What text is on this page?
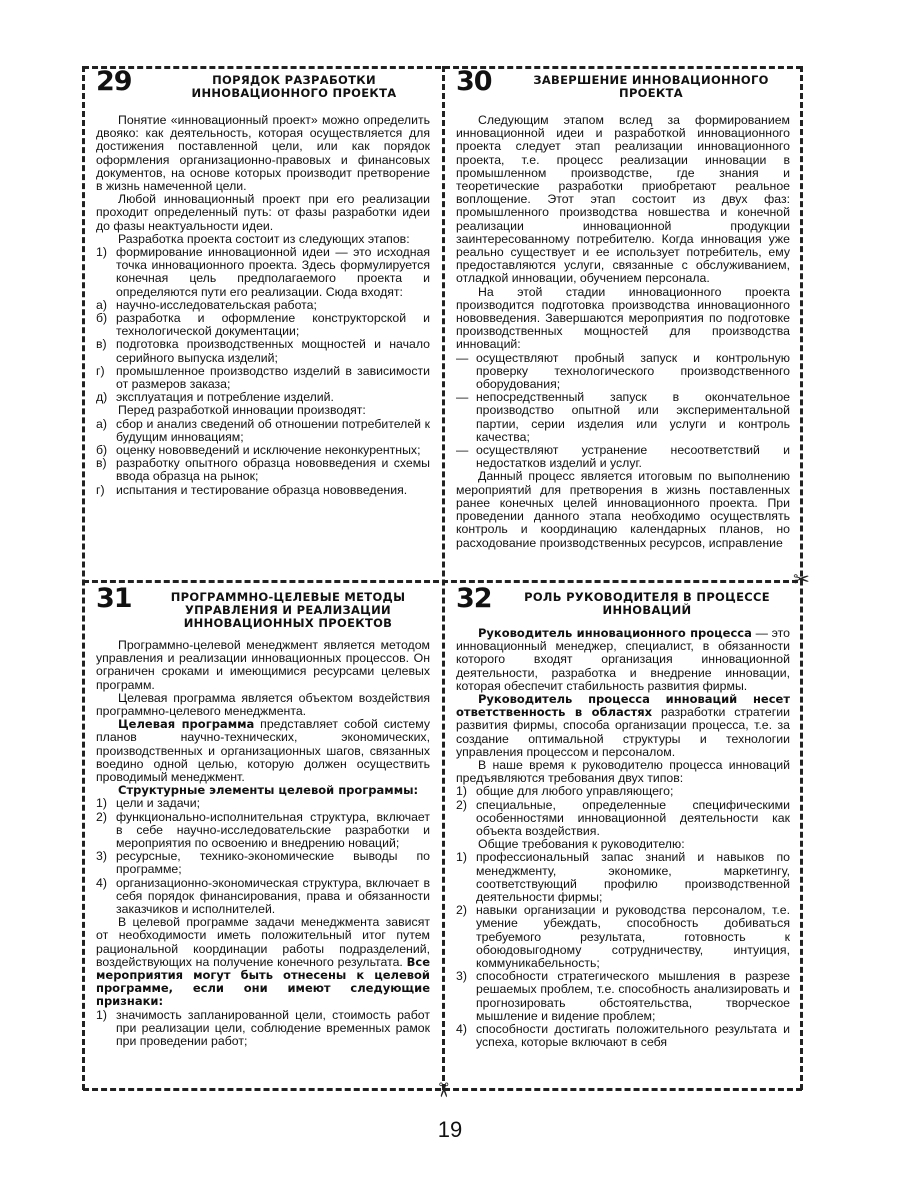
✂
✂
29	ПОРЯДОК РАЗРАБОТКИ ИННОВАЦИОННОГО ПРОЕКТА

Понятие «инновационный проект» можно определить двояко: как деятельность, которая осуществляется для достижения поставленной цели, или как порядок оформления организационно-правовых и финансовых документов, на основе которых производит претворение в жизнь намеченной цели.

Любой инновационный проект при его реализации проходит определенный путь: от фазы разработки идеи до фазы неактуальности идеи.

Разработка проекта состоит из следующих этапов:

1) формирование инновационной идеи — это исходная точка инновационного проекта. Здесь формулируется конечная цель предполагаемого проекта и определяются пути его реализации. Сюда входят:
а) научно-исследовательская работа;
б) разработка и оформление конструкторской и технологической документации;
в) подготовка производственных мощностей и начало серийного выпуска изделий;
г) промышленное производство изделий в зависимости от размеров заказа;
д) эксплуатация и потребление изделий.

Перед разработкой инновации производят:

а) сбор и анализ сведений об отношении потребителей к будущим инновациям;
б) оценку нововведений и исключение неконкурентных;
в) разработку опытного образца нововведения и схемы ввода образца на рынок;
г) испытания и тестирование образца нововведения.
30	ЗАВЕРШЕНИЕ ИННОВАЦИОННОГО ПРОЕКТА

Следующим этапом вслед за формированием инновационной идеи и разработкой инновационного проекта следует этап реализации инновационного проекта, т.е. процесс реализации инновации в промышленном производстве, где знания и теоретические разработки приобретают реальное воплощение. Этот этап состоит из двух фаз: промышленного производства новшества и конечной реализации инновационной продукции заинтересованному потребителю. Когда инновация уже реально существует и ее использует потребитель, ему предоставляются услуги, связанные с обслуживанием, отладкой инновации, обучением персонала.

На этой стадии инновационного проекта производится подготовка производства инновационного нововведения. Завершаются мероприятия по подготовке производственных мощностей для производства инноваций:

— осуществляют пробный запуск и контрольную проверку технологического производственного оборудования;
— непосредственный запуск в окончательное производство опытной или экспериментальной партии, серии изделия или услуги и контроль качества;
— осуществляют устранение несоответствий и недостатков изделий и услуг.

Данный процесс является итоговым по выполнению мероприятий для претворения в жизнь поставленных ранее конечных целей инновационного проекта. При проведении данного этапа необходимо осуществлять контроль и координацию календарных планов, но расходование производственных ресурсов, исправление

31	ПРОГРАММНО-ЦЕЛЕВЫЕ МЕТОДЫ УПРАВЛЕНИЯ И РЕАЛИЗАЦИИ ИННОВАЦИОННЫХ ПРОЕКТОВ

Программно-целевой менеджмент является методом управления и реализации инновационных процессов. Он ограничен сроками и имеющимися ресурсами целевых программ.

Целевая программа является объектом воздействия программно-целевого менеджмента.

Целевая программа представляет собой систему планов научно-технических, экономических, производственных и организационных шагов, связанных воедино одной целью, которую должен осуществить проводимый менеджмент.

Структурные элементы целевой программы:

1) цели и задачи;
2) функционально-исполнительная структура, включает в себе научно-исследовательские разработки и мероприятия по освоению и внедрению новаций;
3) ресурсные, технико-экономические выводы по программе;
4) организационно-экономическая структура, включает в себя порядок финансирования, права и обязанности заказчиков и исполнителей.

В целевой программе задачи менеджмента зависят от необходимости иметь положительный итог путем рациональной координации работы подразделений, воздействующих на получение конечного результата. Все мероприятия могут быть отнесены к целевой программе, если они имеют следующие признаки:

1) значимость запланированной цели, стоимость работ при реализации цели, соблюдение временных рамок при проведении работ;
32	РОЛЬ РУКОВОДИТЕЛЯ В ПРОЦЕССЕ ИННОВАЦИЙ

Руководитель инновационного процесса — это инновационный менеджер, специалист, в обязанности которого входят организация инновационной деятельности, разработка и внедрение инновации, которая обеспечит стабильность развития фирмы.

Руководитель процесса инноваций несет ответственность в областях разработки стратегии развития фирмы, способа организации процесса, т.е. за создание оптимальной структуры и технологии управления процессом и персоналом.

В наше время к руководителю процесса инноваций предъявляются требования двух типов:

1) общие для любого управляющего;
2) специальные, определенные специфическими особенностями инновационной деятельности как объекта воздействия.

Общие требования к руководителю:

1) профессиональный запас знаний и навыков по менеджменту, экономике, маркетингу, соответствующий профилю производственной деятельности фирмы;
2) навыки организации и руководства персоналом, т.е. умение убеждать, способность добиваться требуемого результата, готовность к обоюдовыгодному сотрудничеству, интуиция, коммуникабельность;
3) способности стратегического мышления в разрезе решаемых проблем, т.е. способность анализировать и прогнозировать обстоятельства, творческое мышление и видение проблем;
4) способности достигать положительного результата и успеха, которые включают в себя
19
